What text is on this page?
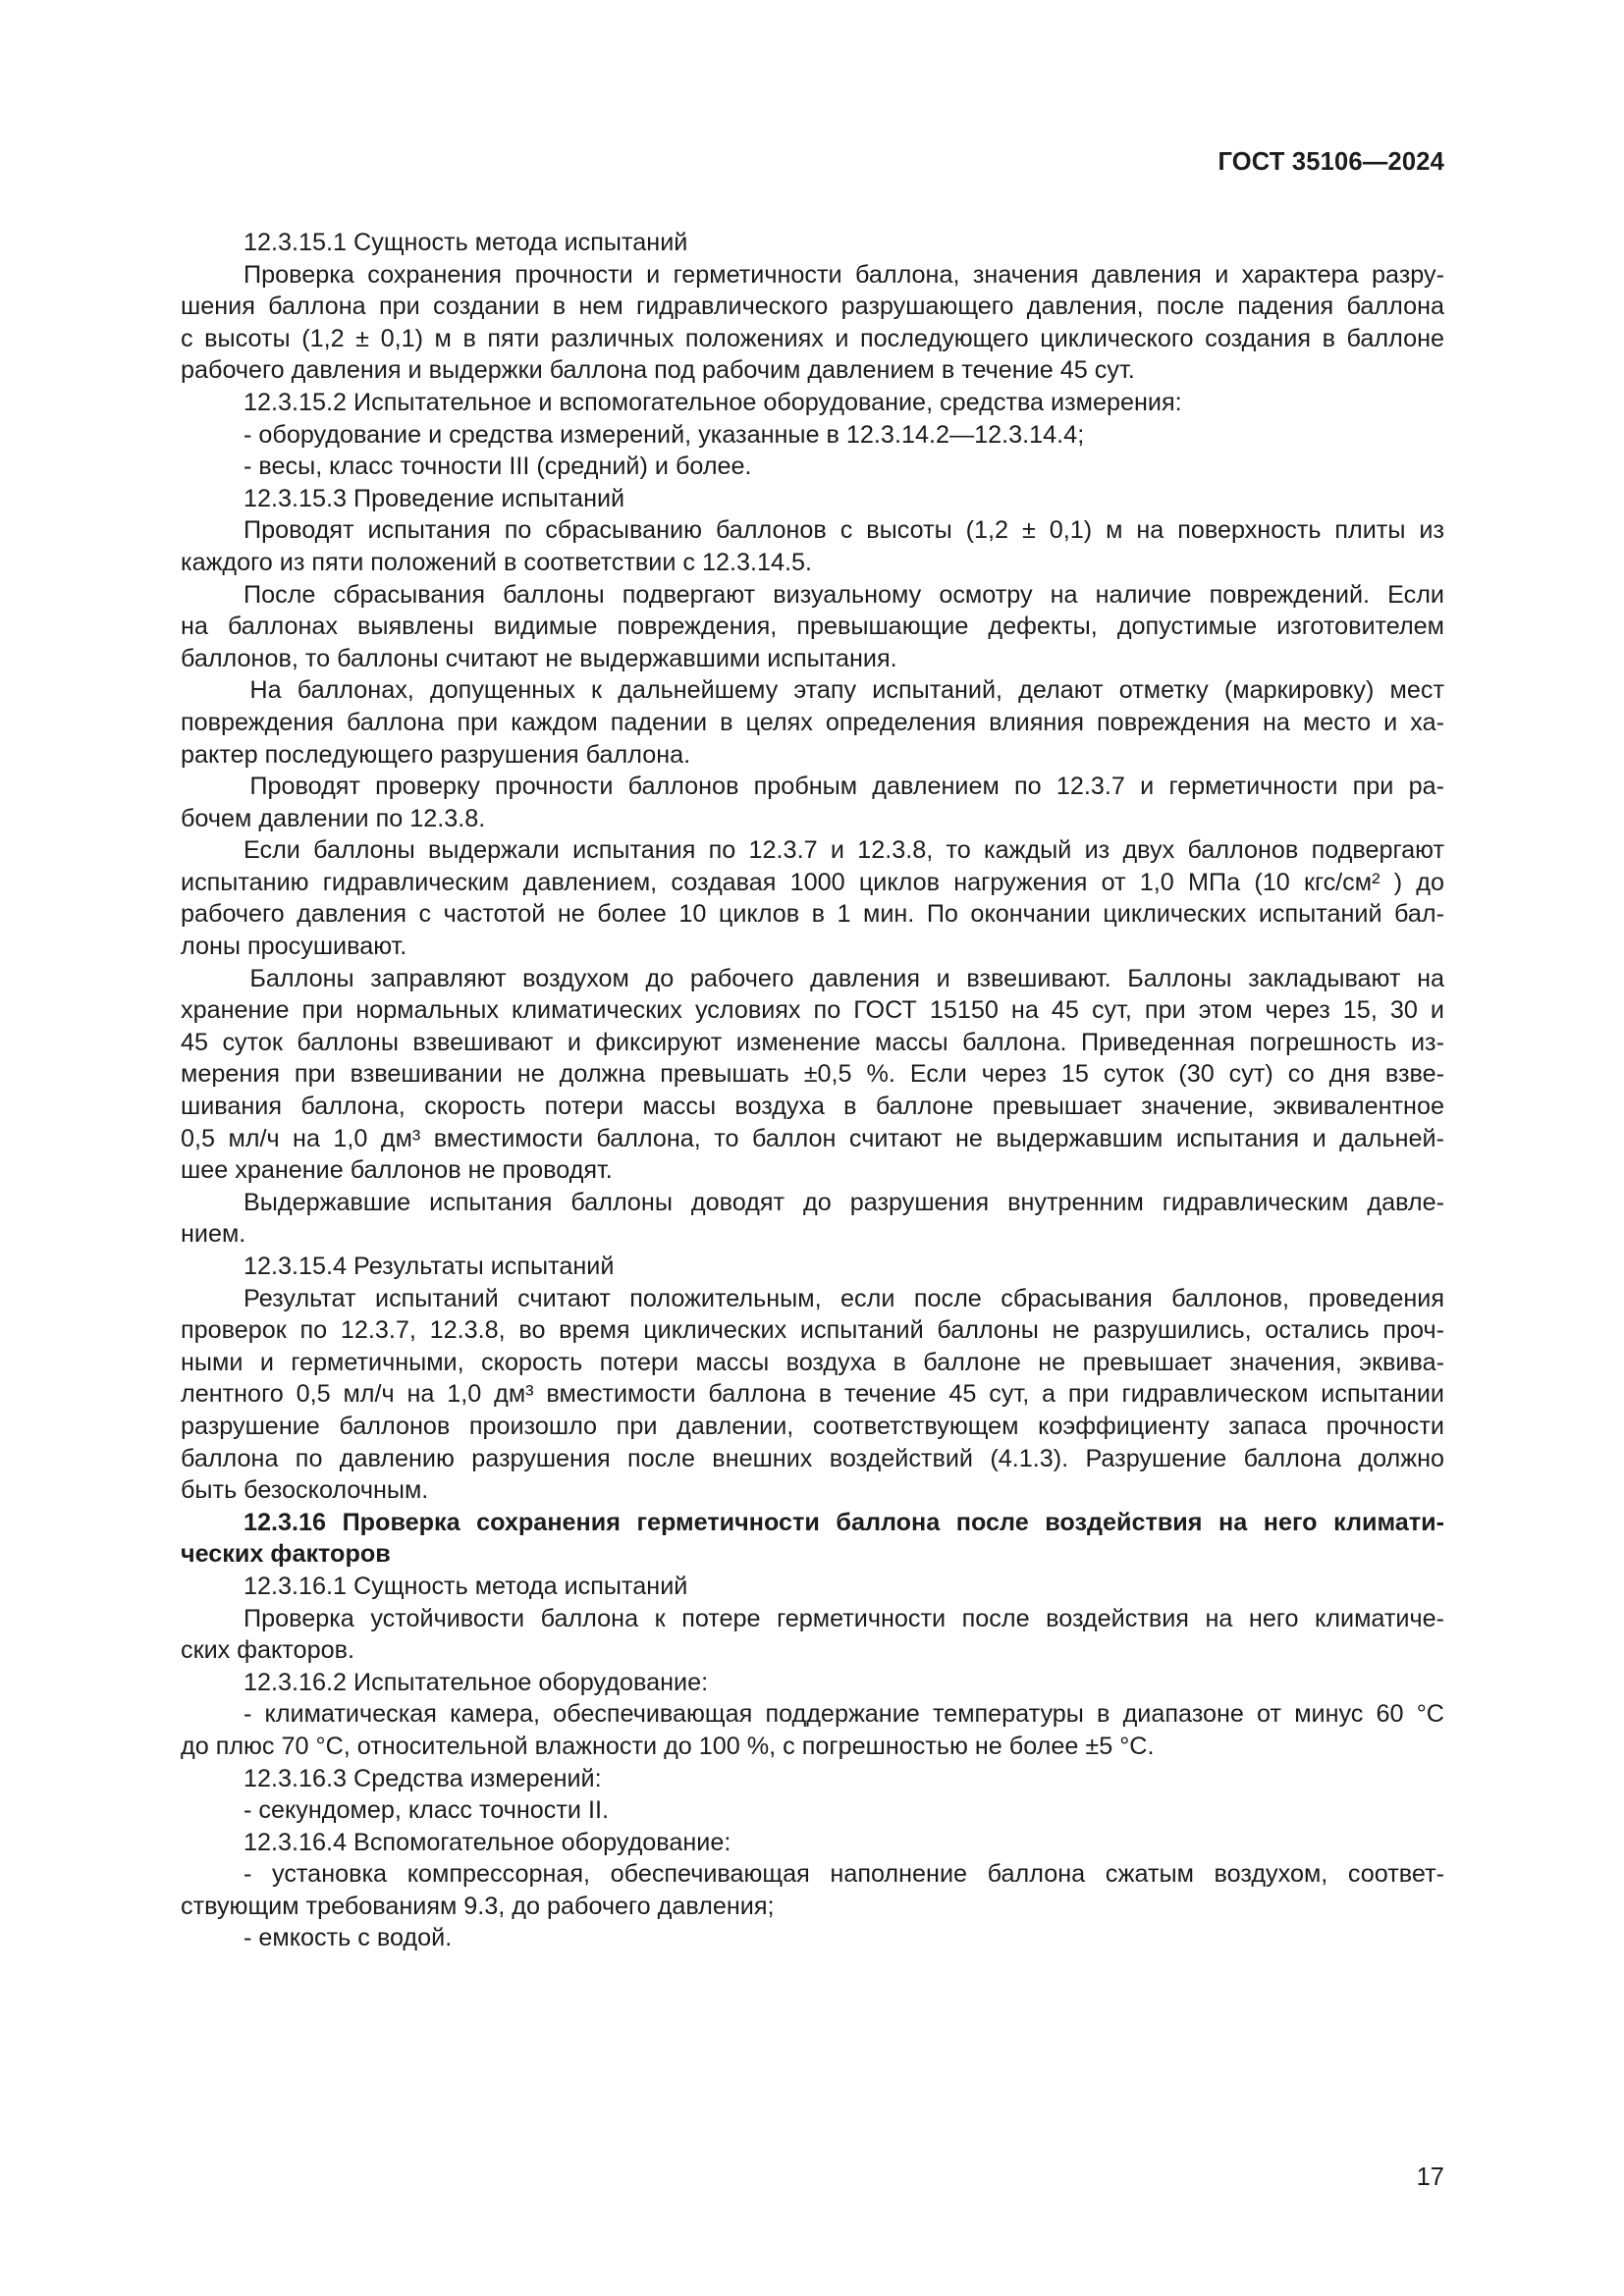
ГОСТ 35106—2024
12.3.15.1 Сущность метода испытаний
Проверка сохранения прочности и герметичности баллона, значения давления и характера разру-
шения баллона при создании в нем гидравлического разрушающего давления, после падения баллона
с высоты (1,2 ± 0,1) м в пяти различных положениях и последующего циклического создания в баллоне
рабочего давления и выдержки баллона под рабочим давлением в течение 45 сут.
12.3.15.2 Испытательное и вспомогательное оборудование, средства измерения:
- оборудование и средства измерений, указанные в 12.3.14.2—12.3.14.4;
- весы, класс точности III (средний) и более.
12.3.15.3 Проведение испытаний
Проводят испытания по сбрасыванию баллонов с высоты (1,2 ± 0,1) м на поверхность плиты из
каждого из пяти положений в соответствии с 12.3.14.5.
После сбрасывания баллоны подвергают визуальному осмотру на наличие повреждений. Если
на баллонах выявлены видимые повреждения, превышающие дефекты, допустимые изготовителем
баллонов, то баллоны считают не выдержавшими испытания.
На баллонах, допущенных к дальнейшему этапу испытаний, делают отметку (маркировку) мест
повреждения баллона при каждом падении в целях определения влияния повреждения на место и ха-
рактер последующего разрушения баллона.
Проводят проверку прочности баллонов пробным давлением по 12.3.7 и герметичности при ра-
бочем давлении по 12.3.8.
Если баллоны выдержали испытания по 12.3.7 и 12.3.8, то каждый из двух баллонов подвергают
испытанию гидравлическим давлением, создавая 1000 циклов нагружения от 1,0 МПа (10 кгс/см² ) до
рабочего давления с частотой не более 10 циклов в 1 мин. По окончании циклических испытаний бал-
лоны просушивают.
Баллоны заправляют воздухом до рабочего давления и взвешивают. Баллоны закладывают на
хранение при нормальных климатических условиях по ГОСТ 15150 на 45 сут, при этом через 15, 30 и
45 суток баллоны взвешивают и фиксируют изменение массы баллона. Приведенная погрешность из-
мерения при взвешивании не должна превышать ±0,5 %. Если через 15 суток (30 сут) со дня взве-
шивания баллона, скорость потери массы воздуха в баллоне превышает значение, эквивалентное
0,5 мл/ч на 1,0 дм³ вместимости баллона, то баллон считают не выдержавшим испытания и дальней-
шее хранение баллонов не проводят.
Выдержавшие испытания баллоны доводят до разрушения внутренним гидравлическим давле-
нием.
12.3.15.4 Результаты испытаний
Результат испытаний считают положительным, если после сбрасывания баллонов, проведения
проверок по 12.3.7, 12.3.8, во время циклических испытаний баллоны не разрушились, остались проч-
ными и герметичными, скорость потери массы воздуха в баллоне не превышает значения, эквива-
лентного 0,5 мл/ч на 1,0 дм³ вместимости баллона в течение 45 сут, а при гидравлическом испытании
разрушение баллонов произошло при давлении, соответствующем коэффициенту запаса прочности
баллона по давлению разрушения после внешних воздействий (4.1.3). Разрушение баллона должно
быть безосколочным.
12.3.16 Проверка сохранения герметичности баллона после воздействия на него климати-
ческих факторов
12.3.16.1 Сущность метода испытаний
Проверка устойчивости баллона к потере герметичности после воздействия на него климатиче-
ских факторов.
12.3.16.2 Испытательное оборудование:
- климатическая камера, обеспечивающая поддержание температуры в диапазоне от минус 60 °С
до плюс 70 °С, относительной влажности до 100 %, с погрешностью не более ±5 °С.
12.3.16.3 Средства измерений:
- секундомер, класс точности II.
12.3.16.4 Вспомогательное оборудование:
- установка компрессорная, обеспечивающая наполнение баллона сжатым воздухом, соответ-
ствующим требованиям 9.3, до рабочего давления;
- емкость с водой.
17
